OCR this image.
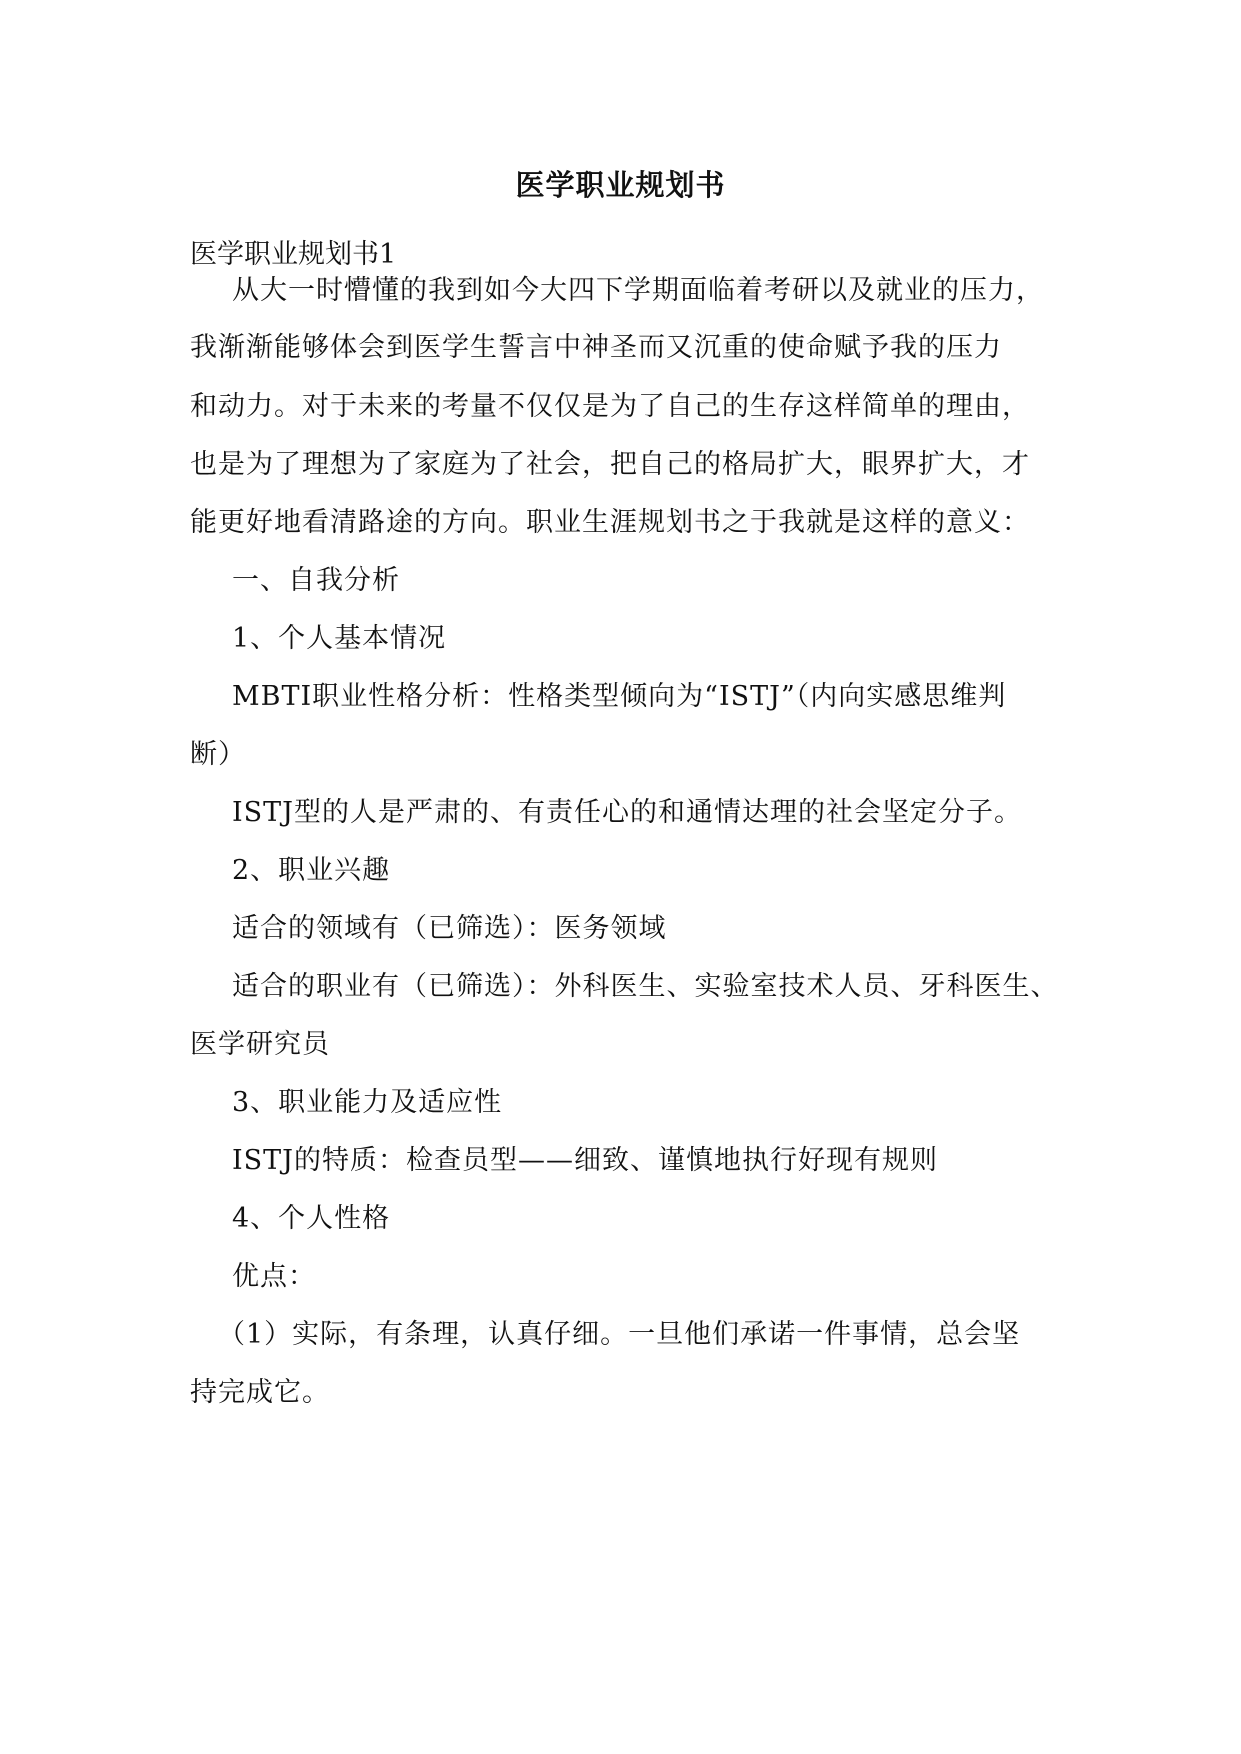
医学职业规划书
医学职业规划书1
从大一时懵懂的我到如今大四下学期面临着考研以及就业的压力，
我渐渐能够体会到医学生誓言中神圣而又沉重的使命赋予我的压力
和动力。对于未来的考量不仅仅是为了自己的生存这样简单的理由，
也是为了理想为了家庭为了社会，把自己的格局扩大，眼界扩大，才
能更好地看清路途的方向。职业生涯规划书之于我就是这样的意义：
一、自我分析
1、个人基本情况
MBTI职业性格分析：性格类型倾向为“ISTJ”（内向实感思维判
断）
ISTJ型的人是严肃的、有责任心的和通情达理的社会坚定分子。
2、职业兴趣
适合的领域有（已筛选）：医务领域
适合的职业有（已筛选）：外科医生、实验室技术人员、牙科医生、
医学研究员
3、职业能力及适应性
ISTJ的特质：检查员型——细致、谨慎地执行好现有规则
4、个人性格
优点：
（1）实际，有条理，认真仔细。一旦他们承诺一件事情，总会坚
持完成它。
